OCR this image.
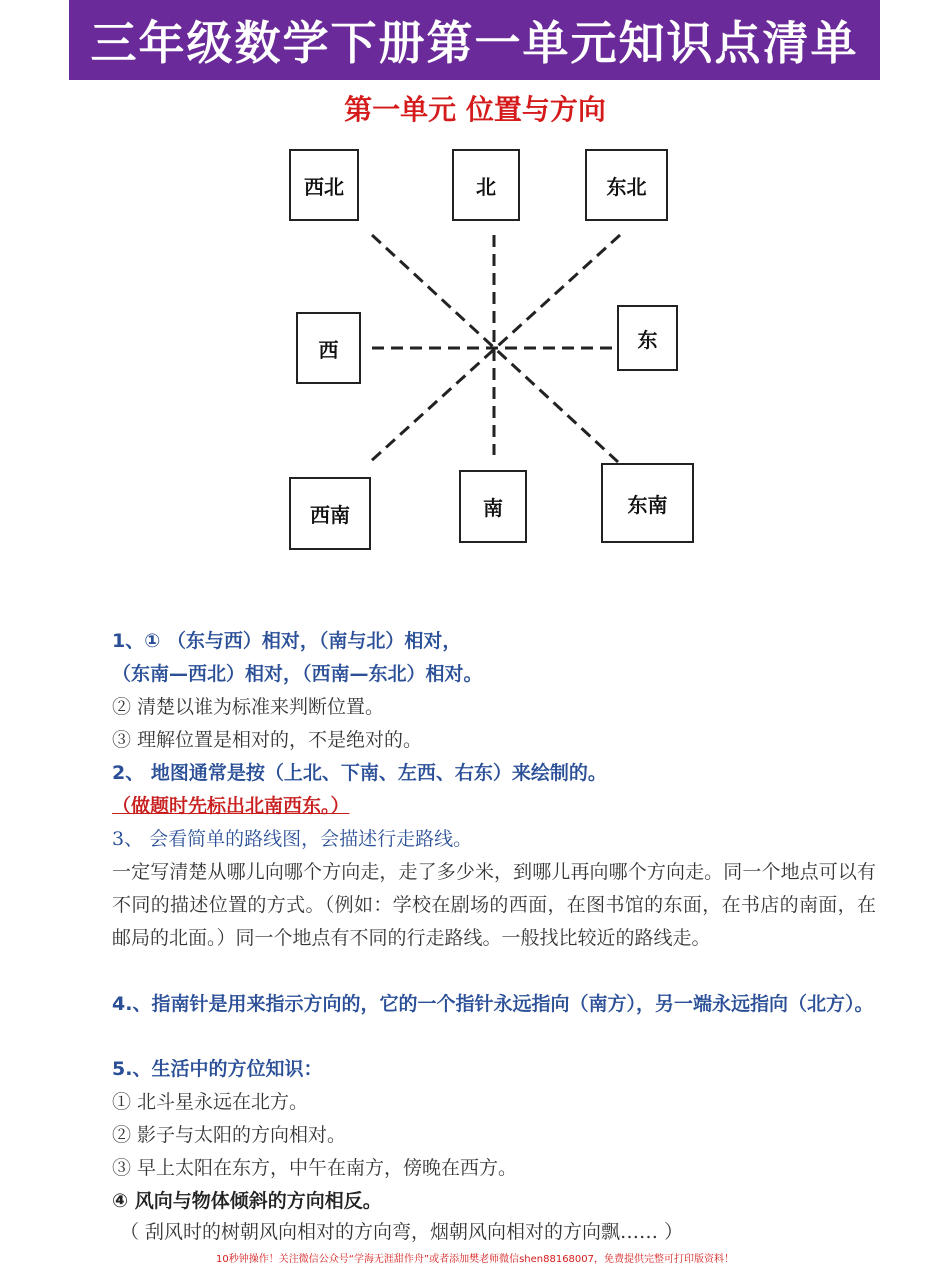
三年级数学下册第一单元知识点清单
第一单元 位置与方向
西北	北	东北
西	东
西南	南	东南
1、① （东与西）相对，（南与北）相对，
（东南—西北）相对，（西南—东北）相对。
② 清楚以谁为标准来判断位置。
③ 理解位置是相对的，不是绝对的。
2、 地图通常是按（上北、下南、左西、右东）来绘制的。
（做题时先标出北南西东。）
3、 会看简单的路线图，会描述行走路线。
一定写清楚从哪儿向哪个方向走，走了多少米，到哪儿再向哪个方向走。同一个地点可以有不同的描述位置的方式。（例如：学校在剧场的西面，在图书馆的东面，在书店的南面，在邮局的北面。）同一个地点有不同的行走路线。一般找比较近的路线走。
4.、指南针是用来指示方向的，它的一个指针永远指向（南方），另一端永远指向（北方）。
5.、生活中的方位知识：
① 北斗星永远在北方。
② 影子与太阳的方向相对。
③ 早上太阳在东方，中午在南方，傍晚在西方。
④ 风向与物体倾斜的方向相反。
（ 刮风时的树朝风向相对的方向弯，烟朝风向相对的方向飘…… ）
10秒钟操作！关注微信公众号“学海无涯甜作舟”或者添加樊老师微信shen88168007，免费提供完整可打印版资料！
